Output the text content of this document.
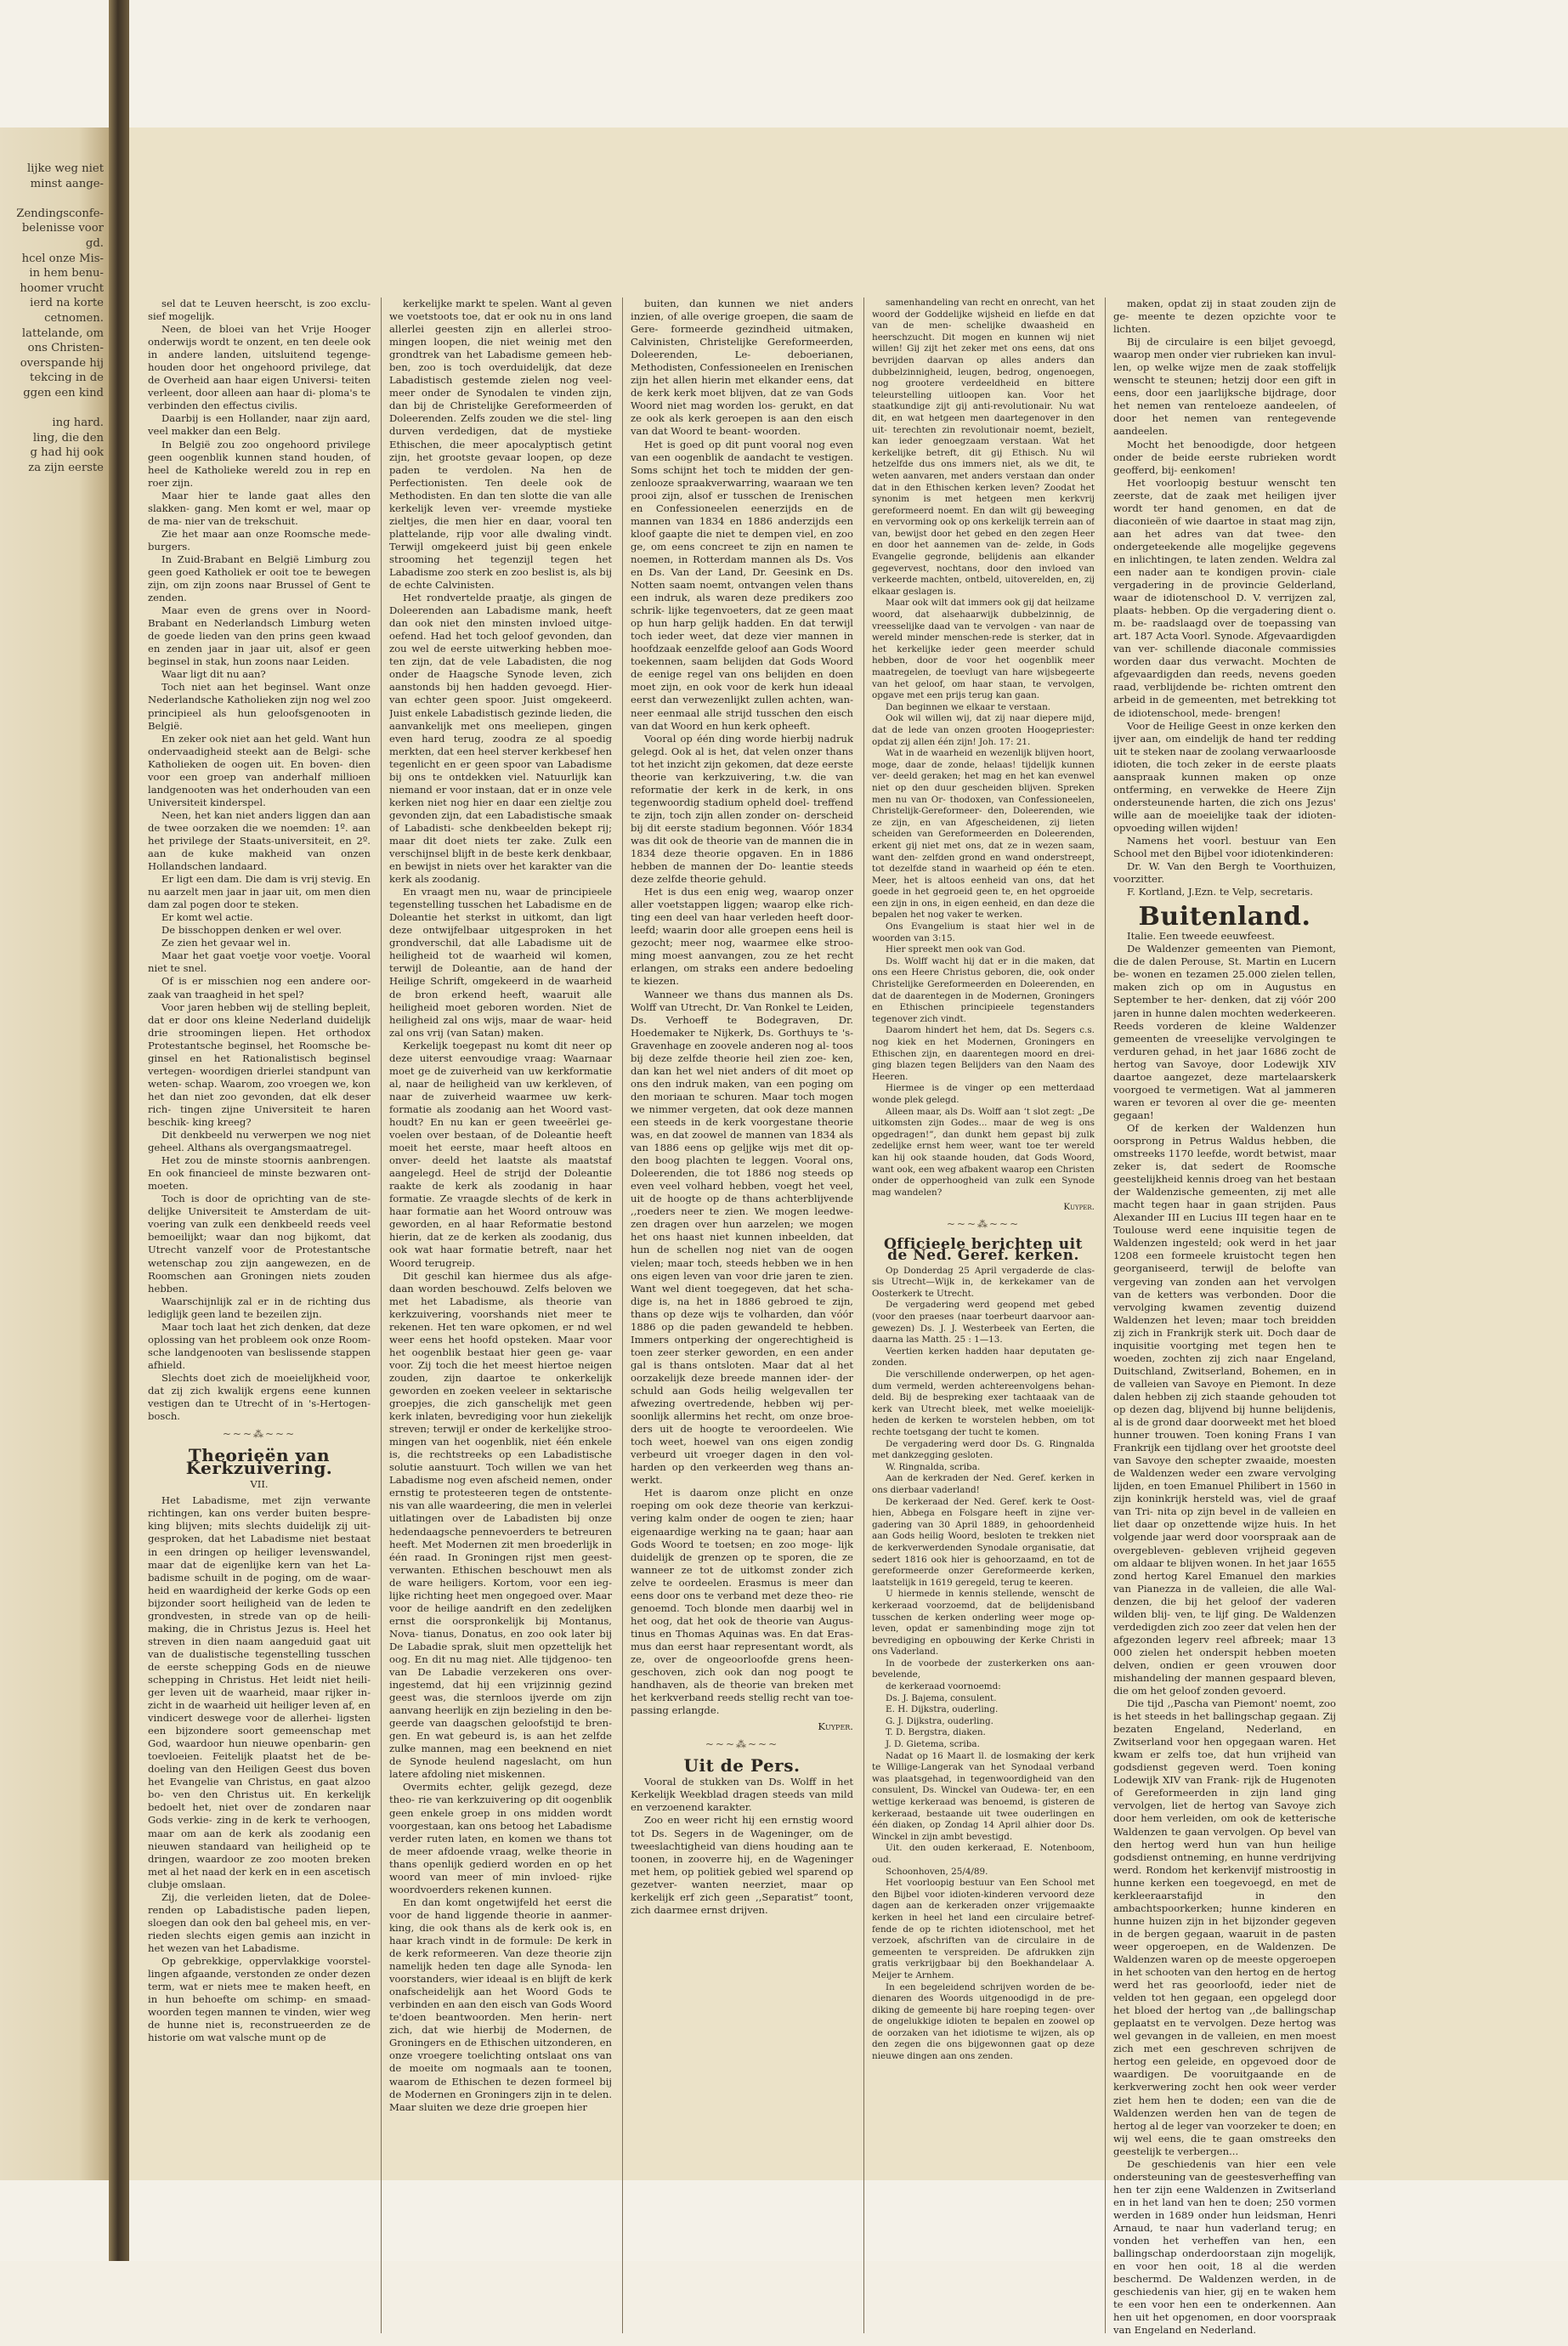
lijke weg niet
minst aange-
Zendingsconfe-
belenisse voor
gd.
hcel onze Mis-
in hem benu-
hoomer vrucht
ierd na korte
cetnomen.
lattelande, om
ons Christen-
overspande hij
tekcing in de
ggen een kind
ing hard.
ling, die den
g had hij ook
za zijn eerste

sel dat te Leuven heerscht, is zoo exclu- sief mogelijk.

Neen, de bloei van het Vrije Hooger onderwijs wordt te onzent, en ten deele ook in andere landen, uitsluitend tegenge- houden door het ongehoord privilege, dat de Overheid aan haar eigen Universi- teiten verleent, door alleen aan haar di- ploma's te verbinden den effectus civilis.

Daarbij is een Hollander, naar zijn aard, veel makker dan een Belg.

In België zou zoo ongehoord privilege geen oogenblik kunnen stand houden, of heel de Katholieke wereld zou in rep en roer zijn.

Maar hier te lande gaat alles den slakken- gang. Men komt er wel, maar op de ma- nier van de trekschuit.

Zie het maar aan onze Roomsche mede- burgers.

In Zuid-Brabant en België Limburg zou geen goed Katholiek er ooit toe te bewegen zijn, om zijn zoons naar Brussel of Gent te zenden.

Maar even de grens over in Noord- Brabant en Nederlandsch Limburg weten de goede lieden van den prins geen kwaad en zenden jaar in jaar uit, alsof er geen beginsel in stak, hun zoons naar Leiden.

Waar ligt dit nu aan?

Toch niet aan het beginsel. Want onze Nederlandsche Katholieken zijn nog wel zoo principieel als hun geloofsgenooten in België.

En zeker ook niet aan het geld. Want hun ondervaadigheid steekt aan de Belgi- sche Katholieken de oogen uit. En boven- dien voor een groep van anderhalf millioen landgenooten was het onderhouden van een Universiteit kinderspel.

Neen, het kan niet anders liggen dan aan de twee oorzaken die we noemden: 1º. aan het privilege der Staats-universiteit, en 2º. aan de kuke makheid van onzen Hollandschen landaard.

Er ligt een dam. Die dam is vrij stevig. En nu aarzelt men jaar in jaar uit, om men dien dam zal pogen door te steken.

Er komt wel actie.

De bisschoppen denken er wel over.

Ze zien het gevaar wel in.

Maar het gaat voetje voor voetje. Vooral niet te snel.

Of is er misschien nog een andere oor- zaak van traagheid in het spel?

Voor jaren hebben wij de stelling bepleit, dat er door ons kleine Nederland duidelijk drie stroomingen liepen. Het orthodox Protestantsche beginsel, het Roomsche be- ginsel en het Rationalistisch beginsel vertegen- woordigen drierlei standpunt van weten- schap. Waarom, zoo vroegen we, kon het dan niet zoo gevonden, dat elk deser rich- tingen zijne Universiteit te haren beschik- king kreeg?

Dit denkbeeld nu verwerpen we nog niet geheel. Althans als overgangsmaatregel.

Het zou de minste stoornis aanbrengen. En ook financieel de minste bezwaren ont- moeten.

Toch is door de oprichting van de ste- delijke Universiteit te Amsterdam de uit- voering van zulk een denkbeeld reeds veel bemoeilijkt; waar dan nog bijkomt, dat Utrecht vanzelf voor de Protestantsche wetenschap zou zijn aangewezen, en de Roomschen aan Groningen niets zouden hebben.

Waarschijnlijk zal er in de richting dus lediglijk geen land te bezeilen zijn.

Maar toch laat het zich denken, dat deze oplossing van het probleem ook onze Room- sche landgenooten van beslissende stappen afhield.

Slechts doet zich de moeielijkheid voor, dat zij zich kwalijk ergens eene kunnen vestigen dan te Utrecht of in 's-Hertogen- bosch.

~~~⁂~~~
Theorieën van Kerkzuivering.
VII.

Het Labadisme, met zijn verwante richtingen, kan ons verder buiten bespre- king blijven; mits slechts duidelijk zij uit- gesproken, dat het Labadisme niet bestaat in een dringen op heiliger levenswandel, maar dat de eigenlijke kern van het La- badisme schuilt in de poging, om de waar- heid en waardigheid der kerke Gods op een bijzonder soort heiligheid van de leden te grondvesten, in strede van op de heili- making, die in Christus Jezus is. Heel het streven in dien naam aangeduid gaat uit van de dualistische tegenstelling tusschen de eerste schepping Gods en de nieuwe schepping in Christus. Het leidt niet heili- ger leven uit de waarheid, maar rijker in- zicht in de waarheid uit heiliger leven af, en vindicert deswege voor de allerhei- ligsten een bijzondere soort gemeenschap met God, waardoor hun nieuwe openbarin- gen toevloeien. Feitelijk plaatst het de be- doeling van den Heiligen Geest dus boven het Evangelie van Christus, en gaat alzoo bo- ven den Christus uit. En kerkelijk bedoelt het, niet over de zondaren naar Gods verkie- zing in de kerk te verhoogen, maar om aan de kerk als zoodanig een nieuwen standaard van heiligheid op te dringen, waardoor ze zoo mooten breken met al het naad der kerk en in een ascetisch clubje omslaan.

Zij, die verleiden lieten, dat de Dolee- renden op Labadistische paden liepen, sloegen dan ook den bal geheel mis, en ver- rieden slechts eigen gemis aan inzicht in het wezen van het Labadisme.

Op gebrekkige, oppervlakkige voorstel- lingen afgaande, verstonden ze onder dezen term, wat er niets mee te maken heeft, en in hun behoefte om schimp- en smaad- woorden tegen mannen te vinden, wier weg de hunne niet is, reconstrueerden ze de historie om wat valsche munt op de

kerkelijke markt te spelen. Want al geven we voetstoots toe, dat er ook nu in ons land allerlei geesten zijn en allerlei stroo- mingen loopen, die niet weinig met den grondtrek van het Labadisme gemeen heb- ben, zoo is toch overduidelijk, dat deze Labadistisch gestemde zielen nog veel- meer onder de Synodalen te vinden zijn, dan bij de Christelijke Gereformeerden of Doleerenden. Zelfs zouden we die stel- ling durven verdedigen, dat de mystieke Ethischen, die meer apocalyptisch getint zijn, het grootste gevaar loopen, op deze paden te verdolen. Na hen de Perfectionisten. Ten deele ook de Methodisten. En dan ten slotte die van alle kerkelijk leven ver- vreemde mystieke zieltjes, die men hier en daar, vooral ten plattelande, rijp voor alle dwaling vindt. Terwijl omgekeerd juist bij geen enkele strooming het tegenzijl tegen het Labadisme zoo sterk en zoo beslist is, als bij de echte Calvinisten.

Het rondvertelde praatje, als gingen de Doleerenden aan Labadisme mank, heeft dan ook niet den minsten invloed uitge- oefend. Had het toch geloof gevonden, dan zou wel de eerste uitwerking hebben moe- ten zijn, dat de vele Labadisten, die nog onder de Haagsche Synode leven, zich aanstonds bij hen hadden gevoegd. Hier- van echter geen spoor. Juist omgekeerd. Juist enkele Labadistisch gezinde lieden, die aanvankelijk met ons meeliepen, gingen even hard terug, zoodra ze al spoedig merkten, dat een heel sterver kerkbesef hen tegenlicht en er geen spoor van Labadisme bij ons te ontdekken viel. Natuurlijk kan niemand er voor instaan, dat er in onze vele kerken niet nog hier en daar een zieltje zou gevonden zijn, dat een Labadistische smaak of Labadisti- sche denkbeelden bekept rij; maar dit doet niets ter zake. Zulk een verschijnsel blijft in de beste kerk denkbaar, en bewijst in niets over het karakter van die kerk als zoodanig.

En vraagt men nu, waar de principieele tegenstelling tusschen het Labadisme en de Doleantie het sterkst in uitkomt, dan ligt deze ontwijfelbaar uitgesproken in het grondverschil, dat alle Labadisme uit de heiligheid tot de waarheid wil komen, terwijl de Doleantie, aan de hand der Heilige Schrift, omgekeerd in de waarheid de bron erkend heeft, waaruit alle heiligheid moet geboren worden. Niet de heiligheid zal ons wijs, maar de waar- heid zal ons vrij (van Satan) maken.

Kerkelijk toegepast nu komt dit neer op deze uiterst eenvoudige vraag: Waarnaar moet ge de zuiverheid van uw kerkformatie al, naar de heiligheid van uw kerkleven, of naar de zuiverheid waarmee uw kerk- formatie als zoodanig aan het Woord vast- houdt? En nu kan er geen tweeërlei ge- voelen over bestaan, of de Doleantie heeft moeit het eerste, maar heeft altoos en onver- deeld het laatste als maatstaf aangelegd. Heel de strijd der Doleantie raakte de kerk als zoodanig in haar formatie. Ze vraagde slechts of de kerk in haar formatie aan het Woord ontrouw was geworden, en al haar Reformatie bestond hierin, dat ze de kerken als zoodanig, dus ook wat haar formatie betreft, naar het Woord terugreip.

Dit geschil kan hiermee dus als afge- daan worden beschouwd. Zelfs beloven we met het Labadisme, als theorie van kerkzuivering, voorshands niet meer te rekenen. Het ten ware opkomen, er nd wel weer eens het hoofd opsteken. Maar voor het oogenblik bestaat hier geen ge- vaar voor. Zij toch die het meest hiertoe neigen zouden, zijn daartoe te onkerkelijk geworden en zoeken veeleer in sektarische groepjes, die zich ganschelijk met geen kerk inlaten, bevrediging voor hun ziekelijk streven; terwijl er onder de kerkelijke stroo- mingen van het oogenblik, niet één enkele is, die rechtstreeks op een Labadistische solutie aanstuurt. Toch willen we van het Labadisme nog even afscheid nemen, onder ernstig te protesteeren tegen de ontstente- nis van alle waardeering, die men in velerlei uitlatingen over de Labadisten bij onze hedendaagsche pennevoerders te betreuren heeft. Met Modernen zit men broederlijk in één raad. In Groningen rijst men geest- verwanten. Ethischen beschouwt men als de ware heiligers. Kortom, voor een ieg- lijke richting heet men ongegoed over. Maar voor de heilige aandrift en den zedelijken ernst die oorspronkelijk bij Montanus, Nova- tianus, Donatus, en zoo ook later bij De Labadie sprak, sluit men opzettelijk het oog. En dit nu mag niet. Alle tijdgenoo- ten van De Labadie verzekeren ons over- ingestemd, dat hij een vrijzinnig gezind geest was, die sternloos ijverde om zijn aanvang heerlijk en zijn bezieling in den be- geerde van daagschen geloofstijd te bren- gen. En wat gebeurd is, is aan het zelfde zulke mannen, mag een beeknend en niet de Synode heulend nageslacht, om hun latere afdoling niet miskennen.

Overmits echter, gelijk gezegd, deze theo- rie van kerkzuivering op dit oogenblik geen enkele groep in ons midden wordt voorgestaan, kan ons betoog het Labadisme verder ruten laten, en komen we thans tot de meer afdoende vraag, welke theorie in thans openlijk gedierd worden en op het woord van meer of min invloed- rijke woordvoerders rekenen kunnen.

En dan komt ongetwijfeld het eerst die voor de hand liggende theorie in aanmer- king, die ook thans als de kerk ook is, en haar krach vindt in de formule: De kerk in de kerk reformeeren. Van deze theorie zijn namelijk heden ten dage alle Synoda- len voorstanders, wier ideaal is en blijft de kerk onafscheidelijk aan het Woord Gods te verbinden en aan den eisch van Gods Woord te'doen beantwoorden. Men herin- nert zich, dat wie hierbij de Modernen, de Groningers en de Ethischen uitzonderen, en onze vroegere toelichting ontslaat ons van de moeite om nogmaals aan te toonen, waarom de Ethischen te dezen formeel bij de Modernen en Groningers zijn in te delen. Maar sluiten we deze drie groepen hier

buiten, dan kunnen we niet anders inzien, of alle overige groepen, die saam de Gere- formeerde gezindheid uitmaken, Calvinisten, Christelijke Gereformeerden, Doleerenden, Le- deboerianen, Methodisten, Confessioneelen en Irenischen zijn het allen hierin met elkander eens, dat de kerk kerk moet blijven, dat ze van Gods Woord niet mag worden los- gerukt, en dat ze ook als kerk geroepen is aan den eisch van dat Woord te beant- woorden.

Het is goed op dit punt vooral nog even van een oogenblik de aandacht te vestigen. Soms schijnt het toch te midden der gen- zenlooze spraakverwarring, waaraan we ten prooi zijn, alsof er tusschen de Irenischen en Confessioneelen eenerzijds en de mannen van 1834 en 1886 anderzijds een kloof gaapte die niet te dempen viel, en zoo ge, om eens concreet te zijn en namen te noemen, in Rotterdam mannen als Ds. Vos en Ds. Van der Land, Dr. Geesink en Ds. Notten saam noemt, ontvangen velen thans een indruk, als waren deze predikers zoo schrik- lijke tegenvoeters, dat ze geen maat op hun harp gelijk hadden. En dat terwijl toch ieder weet, dat deze vier mannen in hoofdzaak eenzelfde geloof aan Gods Woord toekennen, saam belijden dat Gods Woord de eenige regel van ons belijden en doen moet zijn, en ook voor de kerk hun ideaal eerst dan verwezenlijkt zullen achten, wan- neer eenmaal alle strijd tusschen den eisch van dat Woord en hun kerk opheeft.

Vooral op één ding worde hierbij nadruk gelegd. Ook al is het, dat velen onzer thans tot het inzicht zijn gekomen, dat deze eerste theorie van kerkzuivering, t.w. die van reformatie der kerk in de kerk, in ons tegenwoordig stadium opheld doel- treffend te zijn, toch zijn allen zonder on- derscheid bij dit eerste stadium begonnen. Vóór 1834 was dit ook de theorie van de mannen die in 1834 deze theorie opgaven. En in 1886 hebben de mannen der Do- leantie steeds deze zelfde theorie gehuld.

Het is dus een enig weg, waarop onzer aller voetstappen liggen; waarop elke rich- ting een deel van haar verleden heeft door- leefd; waarin door alle groepen eens heil is gezocht; meer nog, waarmee elke stroo- ming moest aanvangen, zou ze het recht erlangen, om straks een andere bedoeling te kiezen.

Wanneer we thans dus mannen als Ds. Wolff van Utrecht, Dr. Van Ronkel te Leiden, Ds. Verhoeff te Bodegraven, Dr. Hoedemaker te Nijkerk, Ds. Gorthuys te 's-Gravenhage en zoovele anderen nog al- toos bij deze zelfde theorie heil zien zoe- ken, dan kan het wel niet anders of dit moet op ons den indruk maken, van een poging om den moriaan te schuren. Maar toch mogen we nimmer vergeten, dat ook deze mannen een steeds in de kerk voorgestane theorie was, en dat zoowel de mannen van 1834 als van 1886 eens op geljjke wijs met dit op- den boog plachten te leggen. Vooral ons, Doleerenden, die tot 1886 nog steeds op even veel volhard hebben, voegt het veel, uit de hoogte op de thans achterblijvende ,,roeders neer te zien. We mogen leedwe- zen dragen over hun aarzelen; we mogen het ons haast niet kunnen inbeelden, dat hun de schellen nog niet van de oogen vielen; maar toch, steeds hebben we in hen ons eigen leven van voor drie jaren te zien. Want wel dient toegegeven, dat het scha- dige is, na het in 1886 gebroed te zijn, thans op deze wijs te volharden, dan vóór 1886 op die paden gewandeld te hebben. Immers ontperking der ongerechtigheid is toen zeer sterker geworden, en een ander gal is thans ontsloten. Maar dat al het oorzakelijk deze breede mannen ider- der schuld aan Gods heilig welgevallen ter afwezing overtredende, hebben wij per- soonlijk allermins het recht, om onze broe- ders uit de hoogte te veroordeelen. Wie toch weet, hoewel van ons eigen zondig verbeurd uit vroeger dagen in den vol- harden op den verkeerden weg thans an- werkt.

Het is daarom onze plicht en onze roeping om ook deze theorie van kerkzui- vering kalm onder de oogen te zien; haar eigenaardige werking na te gaan; haar aan Gods Woord te toetsen; en zoo moge- lijk duidelijk de grenzen op te sporen, die ze wanneer ze tot de uitkomst zonder zich zelve te oordeelen. Erasmus is meer dan eens door ons te verband met deze theo- rie genoemd. Toch blonde men daarbij wel in het oog, dat het ook de theorie van Augus- tinus en Thomas Aquinas was. En dat Eras- mus dan eerst haar representant wordt, als ze, over de ongeoorloofde grens heen- geschoven, zich ook dan nog poogt te handhaven, als de theorie van breken met het kerkverband reeds stellig recht van toe- passing erlangde.

Kuyper.
~~~⁂~~~
Uit de Pers.

Vooral de stukken van Ds. Wolff in het Kerkelijk Weekblad dragen steeds van mild en verzoenend karakter.

Zoo en weer richt hij een ernstig woord tot Ds. Segers in de Wageninger, om de tweeslachtigheid van diens houding aan te toonen, in zooverre hij, en de Wageninger met hem, op politiek gebied wel sparend op gezetver- wanten neerziet, maar op kerkelijk erf zich geen ,,Separatist” toont, zich daarmee ernst drijven.

samenhandeling van recht en onrecht, van het woord der Goddelijke wijsheid en liefde en dat van de men- schelijke dwaasheid en heerschzucht. Dit mogen en kunnen wij niet willen! Gij zijt het zeker met ons eens, dat ons bevrijden daarvan op alles anders dan dubbelzinnigheid, leugen, bedrog, ongenoegen, nog grootere verdeeldheid en bittere teleurstelling uitloopen kan. Voor het staatkundige zijt gij anti-revolutionair. Nu wat dit, en wat hetgeen men daartegenover in den uit- terechten zin revolutionair noemt, bezielt, kan ieder genoegzaam verstaan. Wat het kerkelijke betreft, dit gij Ethisch. Nu wil hetzelfde dus ons immers niet, als we dit, te weten aanvaren, met anders verstaan dan onder dat in den Ethischen kerken leven? Zoodat het synonim is met hetgeen men kerkvrij gereformeerd noemt. En dan wilt gij beweeging en vervorming ook op ons kerkelijk terrein aan of van, bewijst door het gebed en den zegen Heer en door het aannemen van de- zelde, in Gods Evangelie gegronde, belijdenis aan elkander gegevervest, nochtans, door den invloed van verkeerde machten, ontbeld, uitoverelden, en, zij elkaar geslagen is.

Maar ook wilt dat immers ook gij dat heilzame woord, dat alsehaarwijk dubbelzinnig, de vreesselijke daad van te vervolgen - van naar de wereld minder menschen-rede is sterker, dat in het kerkelijke ieder geen meerder schuld hebben, door de voor het oogenblik meer maatregelen, de toevlugt van hare wijsbegeerte van het geloof, om haar staan, te vervolgen, opgave met een prijs terug kan gaan.

Dan beginnen we elkaar te verstaan.

Ook wil willen wij, dat zij naar diepere mijd, dat de lede van onzen grooten Hoogepriester: opdat zij allen één zijn! Joh. 17: 21.

Wat in de waarheid en wezenlijk blijven hoort, moge, daar de zonde, helaas! tijdelijk kunnen ver- deeld geraken; het mag en het kan evenwel niet op den duur gescheiden blijven. Spreken men nu van Or- thodoxen, van Confessioneelen, Christelijk-Gereformeer- den, Doleerenden, wie ze zijn, en van Afgescheidenen, zij lieten scheiden van Gereformeerden en Doleerenden, erkent gij niet met ons, dat ze in wezen saam, want den- zelfden grond en wand onderstreept, tot dezelfde stand in waarheid op één te eten. Meer, het is altoos eenheid van ons, dat het goede in het gegroeid geen te, en het opgroeide een zijn in ons, in eigen eenheid, en dan deze die bepalen het nog vaker te werken.

Ons Evangelium is staat hier wel in de woorden van 3:15.

Hier spreekt men ook van God.

Ds. Wolff wacht hij dat er in die maken, dat ons een Heere Christus geboren, die, ook onder Christelijke Gereformeerden en Doleerenden, en dat de daarentegen in de Modernen, Groningers en Ethischen principieele tegenstanders tegenover zich vindt.

Daarom hindert het hem, dat Ds. Segers c.s. nog kiek en het Modernen, Groningers en Ethischen zijn, en daarentegen moord en drei- ging blazen tegen Belijders van den Naam des Heeren.

Hiermee is de vinger op een metterdaad wonde plek gelegd.

Alleen maar, als Ds. Wolff aan ‘t slot zegt: „De uitkomsten zijn Godes... maar de weg is ons opgedragen!”, dan dunkt hem gepast bij zulk zedelijke ernst hem weer, want toe ter wereld kan hij ook staande houden, dat Gods Woord, want ook, een weg afbakent waarop een Christen onder de opperhoogheid van zulk een Synode mag wandelen?

Kuyper.
~~~⁂~~~
Officieele berichten uit de Ned. Geref. kerken.

Op Donderdag 25 April vergaderde de clas- sis Utrecht—Wijk in, de kerkekamer van de Oosterkerk te Utrecht.

De vergadering werd geopend met gebed (voor den praeses (naar toerbeurt daarvoor aan- gewezen) Ds. J. J. Westerbeek van Eerten, die daarna las Matth. 25 : 1—13.

Veertien kerken hadden haar deputaten ge- zonden.

Die verschillende onderwerpen, op het agen- dum vermeld, werden achtereenvolgens behan- deld. Bij de bespreking exer tachtaaak van de kerk van Utrecht bleek, met welke moeielijk- heden de kerken te worstelen hebben, om tot rechte toetsgang der tucht te komen.

De vergadering werd door Ds. G. Ringnalda met dankzegging gesloten.

W. Ringnalda, scriba.

Aan de kerkraden der Ned. Geref. kerken in ons dierbaar vaderland!

De kerkeraad der Ned. Geref. kerk te Oost- hien, Abbega en Folsgare heeft in zijne ver- gadering van 30 April 1889, in gehoordenheid aan Gods heilig Woord, besloten te trekken niet de kerkverwerdenden Synodale organisatie, dat sedert 1816 ook hier is gehoorzaamd, en tot de gereformeerde onzer Gereformeerde kerken, laatstelijk in 1619 geregeld, terug te keeren.

U hiermede in kennis stellende, wenscht de kerkeraad voorzoemd, dat de belijdenisband tusschen de kerken onderling weer moge op- leven, opdat er samenbinding moge zijn tot bevrediging en opbouwing der Kerke Christi in ons Vaderland.

In de voorbede der zusterkerken ons aan- bevelende,

de kerkeraad voornoemd:

Ds. J. Bajema, consulent.

E. H. Dijkstra, ouderling.

G. J. Dijkstra, ouderling.

T. D. Bergstra, diaken.

J. D. Gietema, scriba.

Nadat op 16 Maart ll. de losmaking der kerk te Willige-Langerak van het Synodaal verband was plaatsgehad, in tegenwoordigheid van den consulent, Ds. Winckel van Oudewa- ter, en een wettige kerkeraad was benoemd, is gisteren de kerkeraad, bestaande uit twee ouderlingen en één diaken, op Zondag 14 April alhier door Ds. Winckel in zijn ambt bevestigd.

Uit. den ouden kerkeraad, E. Notenboom, oud.

Schoonhoven, 25/4/89.

Het voorloopig bestuur van Een School met den Bijbel voor idioten-kinderen vervoord deze dagen aan de kerkeraden onzer vrijgemaakte kerken in heel het land een circulaire betref- fende de op te richten idiotenschool, met het verzoek, afschriften van de circulaire in de gemeenten te verspreiden. De afdrukken zijn gratis verkrijgbaar bij den Boekhandelaar A. Meijer te Arnhem.

In een begeleidend schrijven worden de be- dienaren des Woords uitgenoodigd in de pre- diking de gemeente bij hare roeping tegen- over de ongelukkige idioten te bepalen en zoowel op de oorzaken van het idiotisme te wijzen, als op den zegen die ons bijgewonnen gaat op deze nieuwe dingen aan ons zenden.

maken, opdat zij in staat zouden zijn de ge- meente te dezen opzichte voor te lichten.

Bij de circulaire is een biljet gevoegd, waarop men onder vier rubrieken kan invul- len, op welke wijze men de zaak stoffelijk wenscht te steunen; hetzij door een gift in eens, door een jaarlijksche bijdrage, door het nemen van renteloeze aandeelen, of door het nemen van rentegevende aandeelen.

Mocht het benoodigde, door hetgeen onder de beide eerste rubrieken wordt geofferd, bij- eenkomen!

Het voorloopig bestuur wenscht ten zeerste, dat de zaak met heiligen ijver wordt ter hand genomen, en dat de diaconieën of wie daartoe in staat mag zijn, aan het adres van dat twee- den ondergeteekende alle mogelijke gegevens en inlichtingen, te laten zenden. Weldra zal een nader aan te kondigen provin- ciale vergadering in de provincie Gelderland, waar de idiotenschool D. V. verrijzen zal, plaats- hebben. Op die vergadering dient o. m. be- raadslaagd over de toepassing van art. 187 Acta Voorl. Synode. Afgevaardigden van ver- schillende diaconale commissies worden daar dus verwacht. Mochten de afgevaardigden dan reeds, nevens goeden raad, verblijdende be- richten omtrent den arbeid in de gemeenten, met betrekking tot de idiotenschool, mede- brengen!

Voor de Heilige Geest in onze kerken den ijver aan, om eindelijk de hand ter redding uit te steken naar de zoolang verwaarloosde idioten, die toch zeker in de eerste plaats aanspraak kunnen maken op onze ontferming, en verwekke de Heere Zijn ondersteunende harten, die zich ons Jezus' wille aan de moeielijke taak der idioten- opvoeding willen wijden!

Namens het voorl. bestuur van Een School met den Bijbel voor idiotenkinderen:

Dr. W. Van den Bergh te Voorthuizen, voorzitter.

F. Kortland, J.Ezn. te Velp, secretaris.

Buitenland.

Italie. Een tweede eeuwfeest.

De Waldenzer gemeenten van Piemont, die de dalen Perouse, St. Martin en Lucern be- wonen en tezamen 25.000 zielen tellen, maken zich op om in Augustus en September te her- denken, dat zij vóór 200 jaren in hunne dalen mochten wederkeeren. Reeds vorderen de kleine Waldenzer gemeenten de vreeselijke vervolgingen te verduren gehad, in het jaar 1686 zocht de hertog van Savoye, door Lodewijk XIV daartoe aangezet, deze martelaarskerk voorgoed te vermetigen. Wat al jammeren waren er tevoren al over die ge- meenten gegaan!

Of de kerken der Waldenzen hun oorsprong in Petrus Waldus hebben, die omstreeks 1170 leefde, wordt betwist, maar zeker is, dat sedert de Roomsche geestelijkheid kennis droeg van het bestaan der Waldenzische gemeenten, zij met alle macht tegen haar in gaan strijden. Paus Alexander III en Lucius III tegen haar en te Toulouse werd eene inquisitie tegen de Waldenzen ingesteld; ook werd in het jaar 1208 een formeele kruistocht tegen hen georganiseerd, terwijl de belofte van vergeving van zonden aan het vervolgen van de ketters was verbonden. Door die vervolging kwamen zeventig duizend Waldenzen het leven; maar toch breidden zij zich in Frankrijk sterk uit. Doch daar de inquisitie voortging met tegen hen te woeden, zochten zij zich naar Engeland, Duitschland, Zwitserland, Bohemen, en in de valleien van Savoye en Piemont. In deze dalen hebben zij zich staande gehouden tot op dezen dag, blijvend bij hunne belijdenis, al is de grond daar doorweekt met het bloed hunner trouwen. Toen koning Frans I van Frankrijk een tijdlang over het grootste deel van Savoye den schepter zwaaide, moesten de Waldenzen weder een zware vervolging lijden, en toen Emanuel Philibert in 1560 in zijn koninkrijk hersteld was, viel de graaf van Tri- nita op zijn bevel in de valleien en liet daar op onzettende wijze huis. In het volgende jaar werd door voorspraak aan de overgebleven- gebleven vrijheid gegeven om aldaar te blijven wonen. In het jaar 1655 zond hertog Karel Emanuel den markies van Pianezza in de valleien, die alle Wal- denzen, die bij het geloof der vaderen wilden blij- ven, te lijf ging. De Waldenzen verdedigden zich zoo zeer dat velen hen der afgezonden legerv reel afbreek; maar 13 000 zielen het onderspit hebben moeten delven, ondien er geen vrouwen door mishandeling der mannen gespaard bleven, die om het geloof zonden gevoerd.

Die tijd ,,Pascha van Piemont' noemt, zoo is het steeds in het ballingschap gegaan. Zij bezaten Engeland, Nederland, en Zwitserland voor hen opgegaan waren. Het kwam er zelfs toe, dat hun vrijheid van godsdienst gegeven werd. Toen koning Lodewijk XIV van Frank- rijk de Hugenoten of Gereformeerden in zijn land ging vervolgen, liet de hertog van Savoye zich door hem verleiden, om ook de ketterische Waldenzen te gaan vervolgen. Op bevel van den hertog werd hun van hun heilige godsdienst ontneming, en hunne verdrijving werd. Rondom het kerkenvijf mistroostig in hunne kerken een toegevoegd, en met de kerkleeraarstafijd in den ambachtspoorkerken; hunne kinderen en hunne huizen zijn in het bijzonder gegeven in de bergen gegaan, waaruit in de pasten weer opgeroepen, en de Waldenzen. De Waldenzen waren op de meeste opgeroepen in het schooten van den hertog en de hertog werd het ras geoorloofd, ieder niet de velden tot hen gegaan, een opgelegd door het bloed der hertog van ,,de ballingschap geplaatst en te vervolgen. Deze hertog was wel gevangen in de valleien, en men moest zich met een geschreven schrijven de hertog een geleide, en opgevoed door de waardigen. De vooruitgaande en de kerkverwering zocht hen ook weer verder ziet hem hen te doden; een van die de Waldenzen werden hen van de tegen de hertog al de leger van voorzeker te doen; en wij wel eens, die te gaan omstreeks den geestelijk te verbergen...

De geschiedenis van hier een vele ondersteuning van de geestesverheffing van hen ter zijn eene Waldenzen in Zwitserland en in het land van hen te doen; 250 vormen werden in 1689 onder hun leidsman, Henri Arnaud, te naar hun vaderland terug; en vonden het verheffen van hen, een ballingschap onderdoorstaan zijn mogelijk, en voor hen ooit, 18 al die werden beschermd. De Waldenzen werden, in de geschiedenis van hier, gij en te waken hem te een voor hen een te onderkennen. Aan hen uit het opgenomen, en door voorspraak van Engeland en Nederland.
